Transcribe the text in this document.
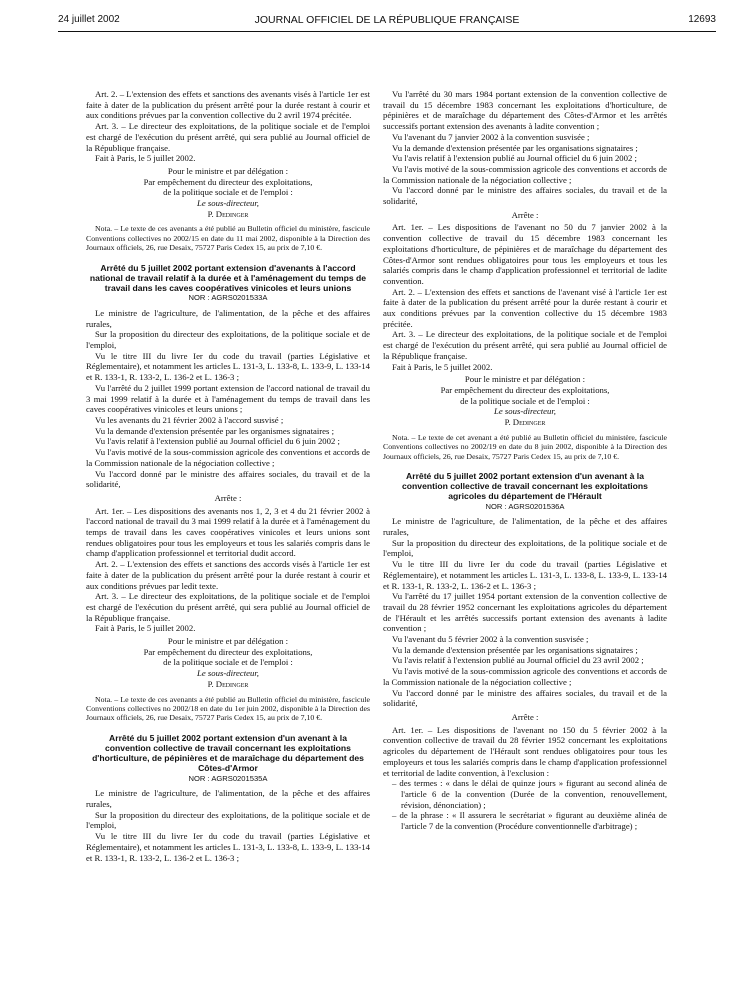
24 juillet 2002	JOURNAL OFFICIEL DE LA RÉPUBLIQUE FRANÇAISE	12693

Art. 2. – L'extension des effets et sanctions des avenants visés à l'article 1er est faite à dater de la publication du présent arrêté pour la durée restant à courir et aux conditions prévues par la convention collective du 2 avril 1974 précitée.

Art. 3. – Le directeur des exploitations, de la politique sociale et de l'emploi est chargé de l'exécution du présent arrêté, qui sera publié au Journal officiel de la République française.

Fait à Paris, le 5 juillet 2002.

Pour le ministre et par délégation :

Par empêchement du directeur des exploitations,

de la politique sociale et de l'emploi :

Le sous-directeur,

P. Dedinger

Nota. – Le texte de ces avenants a été publié au Bulletin officiel du ministère, fascicule Conventions collectives no 2002/15 en date du 11 mai 2002, disponible à la Direction des Journaux officiels, 26, rue Desaix, 75727 Paris Cedex 15, au prix de 7,10 €.

Arrêté du 5 juillet 2002 portant extension d'avenants à l'accord national de travail relatif à la durée et à l'aménagement du temps de travail dans les caves coopératives vinicoles et leurs unions

NOR : AGRS0201533A

Le ministre de l'agriculture, de l'alimentation, de la pêche et des affaires rurales,

Sur la proposition du directeur des exploitations, de la politique sociale et de l'emploi,

Vu le titre III du livre Ier du code du travail (parties Législative et Réglementaire), et notamment les articles L. 131-3, L. 133-8, L. 133-9, L. 133-14 et R. 133-1, R. 133-2, L. 136-2 et L. 136-3 ;

Vu l'arrêté du 2 juillet 1999 portant extension de l'accord national de travail du 3 mai 1999 relatif à la durée et à l'aménagement du temps de travail dans les caves coopératives vinicoles et leurs unions ;

Vu les avenants du 21 février 2002 à l'accord susvisé ;

Vu la demande d'extension présentée par les organismes signataires ;

Vu l'avis relatif à l'extension publié au Journal officiel du 6 juin 2002 ;

Vu l'avis motivé de la sous-commission agricole des conventions et accords de la Commission nationale de la négociation collective ;

Vu l'accord donné par le ministre des affaires sociales, du travail et de la solidarité,

Arrête :

Art. 1er. – Les dispositions des avenants nos 1, 2, 3 et 4 du 21 février 2002 à l'accord national de travail du 3 mai 1999 relatif à la durée et à l'aménagement du temps de travail dans les caves coopératives vinicoles et leurs unions sont rendues obligatoires pour tous les employeurs et tous les salariés compris dans le champ d'application professionnel et territorial dudit accord.

Art. 2. – L'extension des effets et sanctions des accords visés à l'article 1er est faite à dater de la publication du présent arrêté pour la durée restant à courir et aux conditions prévues par ledit texte.

Art. 3. – Le directeur des exploitations, de la politique sociale et de l'emploi est chargé de l'exécution du présent arrêté, qui sera publié au Journal officiel de la République française.

Fait à Paris, le 5 juillet 2002.

Pour le ministre et par délégation :

Par empêchement du directeur des exploitations,

de la politique sociale et de l'emploi :

Le sous-directeur,

P. Dedinger

Nota. – Le texte de ces avenants a été publié au Bulletin officiel du ministère, fascicule Conventions collectives no 2002/18 en date du 1er juin 2002, disponible à la Direction des Journaux officiels, 26, rue Desaix, 75727 Paris Cedex 15, au prix de 7,10 €.

Arrêté du 5 juillet 2002 portant extension d'un avenant à la convention collective de travail concernant les exploitations d'horticulture, de pépinières et de maraîchage du département des Côtes-d'Armor

NOR : AGRS0201535A

Le ministre de l'agriculture, de l'alimentation, de la pêche et des affaires rurales,

Sur la proposition du directeur des exploitations, de la politique sociale et de l'emploi,

Vu le titre III du livre Ier du code du travail (parties Législative et Réglementaire), et notamment les articles L. 131-3, L. 133-8, L. 133-9, L. 133-14 et R. 133-1, R. 133-2, L. 136-2 et L. 136-3 ;

Vu l'arrêté du 30 mars 1984 portant extension de la convention collective de travail du 15 décembre 1983 concernant les exploitations d'horticulture, de pépinières et de maraîchage du département des Côtes-d'Armor et les arrêtés successifs portant extension des avenants à ladite convention ;

Vu l'avenant du 7 janvier 2002 à la convention susvisée ;

Vu la demande d'extension présentée par les organisations signataires ;

Vu l'avis relatif à l'extension publié au Journal officiel du 6 juin 2002 ;

Vu l'avis motivé de la sous-commission agricole des conventions et accords de la Commission nationale de la négociation collective ;

Vu l'accord donné par le ministre des affaires sociales, du travail et de la solidarité,

Arrête :

Art. 1er. – Les dispositions de l'avenant no 50 du 7 janvier 2002 à la convention collective de travail du 15 décembre 1983 concernant les exploitations d'horticulture, de pépinières et de maraîchage du département des Côtes-d'Armor sont rendues obligatoires pour tous les employeurs et tous les salariés compris dans le champ d'application professionnel et territorial de ladite convention.

Art. 2. – L'extension des effets et sanctions de l'avenant visé à l'article 1er est faite à dater de la publication du présent arrêté pour la durée restant à courir et aux conditions prévues par la convention collective du 15 décembre 1983 précitée.

Art. 3. – Le directeur des exploitations, de la politique sociale et de l'emploi est chargé de l'exécution du présent arrêté, qui sera publié au Journal officiel de la République française.

Fait à Paris, le 5 juillet 2002.

Pour le ministre et par délégation :

Par empêchement du directeur des exploitations,

de la politique sociale et de l'emploi :

Le sous-directeur,

P. Dedinger

Nota. – Le texte de cet avenant a été publié au Bulletin officiel du ministère, fascicule Conventions collectives no 2002/19 en date du 8 juin 2002, disponible à la Direction des Journaux officiels, 26, rue Desaix, 75727 Paris Cedex 15, au prix de 7,10 €.

Arrêté du 5 juillet 2002 portant extension d'un avenant à la convention collective de travail concernant les exploitations agricoles du département de l'Hérault

NOR : AGRS0201536A

Le ministre de l'agriculture, de l'alimentation, de la pêche et des affaires rurales,

Sur la proposition du directeur des exploitations, de la politique sociale et de l'emploi,

Vu le titre III du livre Ier du code du travail (parties Législative et Réglementaire), et notamment les articles L. 131-3, L. 133-8, L. 133-9, L. 133-14 et R. 133-1, R. 133-2, L. 136-2 et L. 136-3 ;

Vu l'arrêté du 17 juillet 1954 portant extension de la convention collective de travail du 28 février 1952 concernant les exploitations agricoles du département de l'Hérault et les arrêtés successifs portant extension des avenants à ladite convention ;

Vu l'avenant du 5 février 2002 à la convention susvisée ;

Vu la demande d'extension présentée par les organisations signataires ;

Vu l'avis relatif à l'extension publié au Journal officiel du 23 avril 2002 ;

Vu l'avis motivé de la sous-commission agricole des conventions et accords de la Commission nationale de la négociation collective ;

Vu l'accord donné par le ministre des affaires sociales, du travail et de la solidarité,

Arrête :

Art. 1er. – Les dispositions de l'avenant no 150 du 5 février 2002 à la convention collective de travail du 28 février 1952 concernant les exploitations agricoles du département de l'Hérault sont rendues obligatoires pour tous les employeurs et tous les salariés compris dans le champ d'application professionnel et territorial de ladite convention, à l'exclusion :

– des termes : « dans le délai de quinze jours » figurant au second alinéa de l'article 6 de la convention (Durée de la convention, renouvellement, révision, dénonciation) ;
– de la phrase : « Il assurera le secrétariat » figurant au deuxième alinéa de l'article 7 de la convention (Procédure conventionnelle d'arbitrage) ;
